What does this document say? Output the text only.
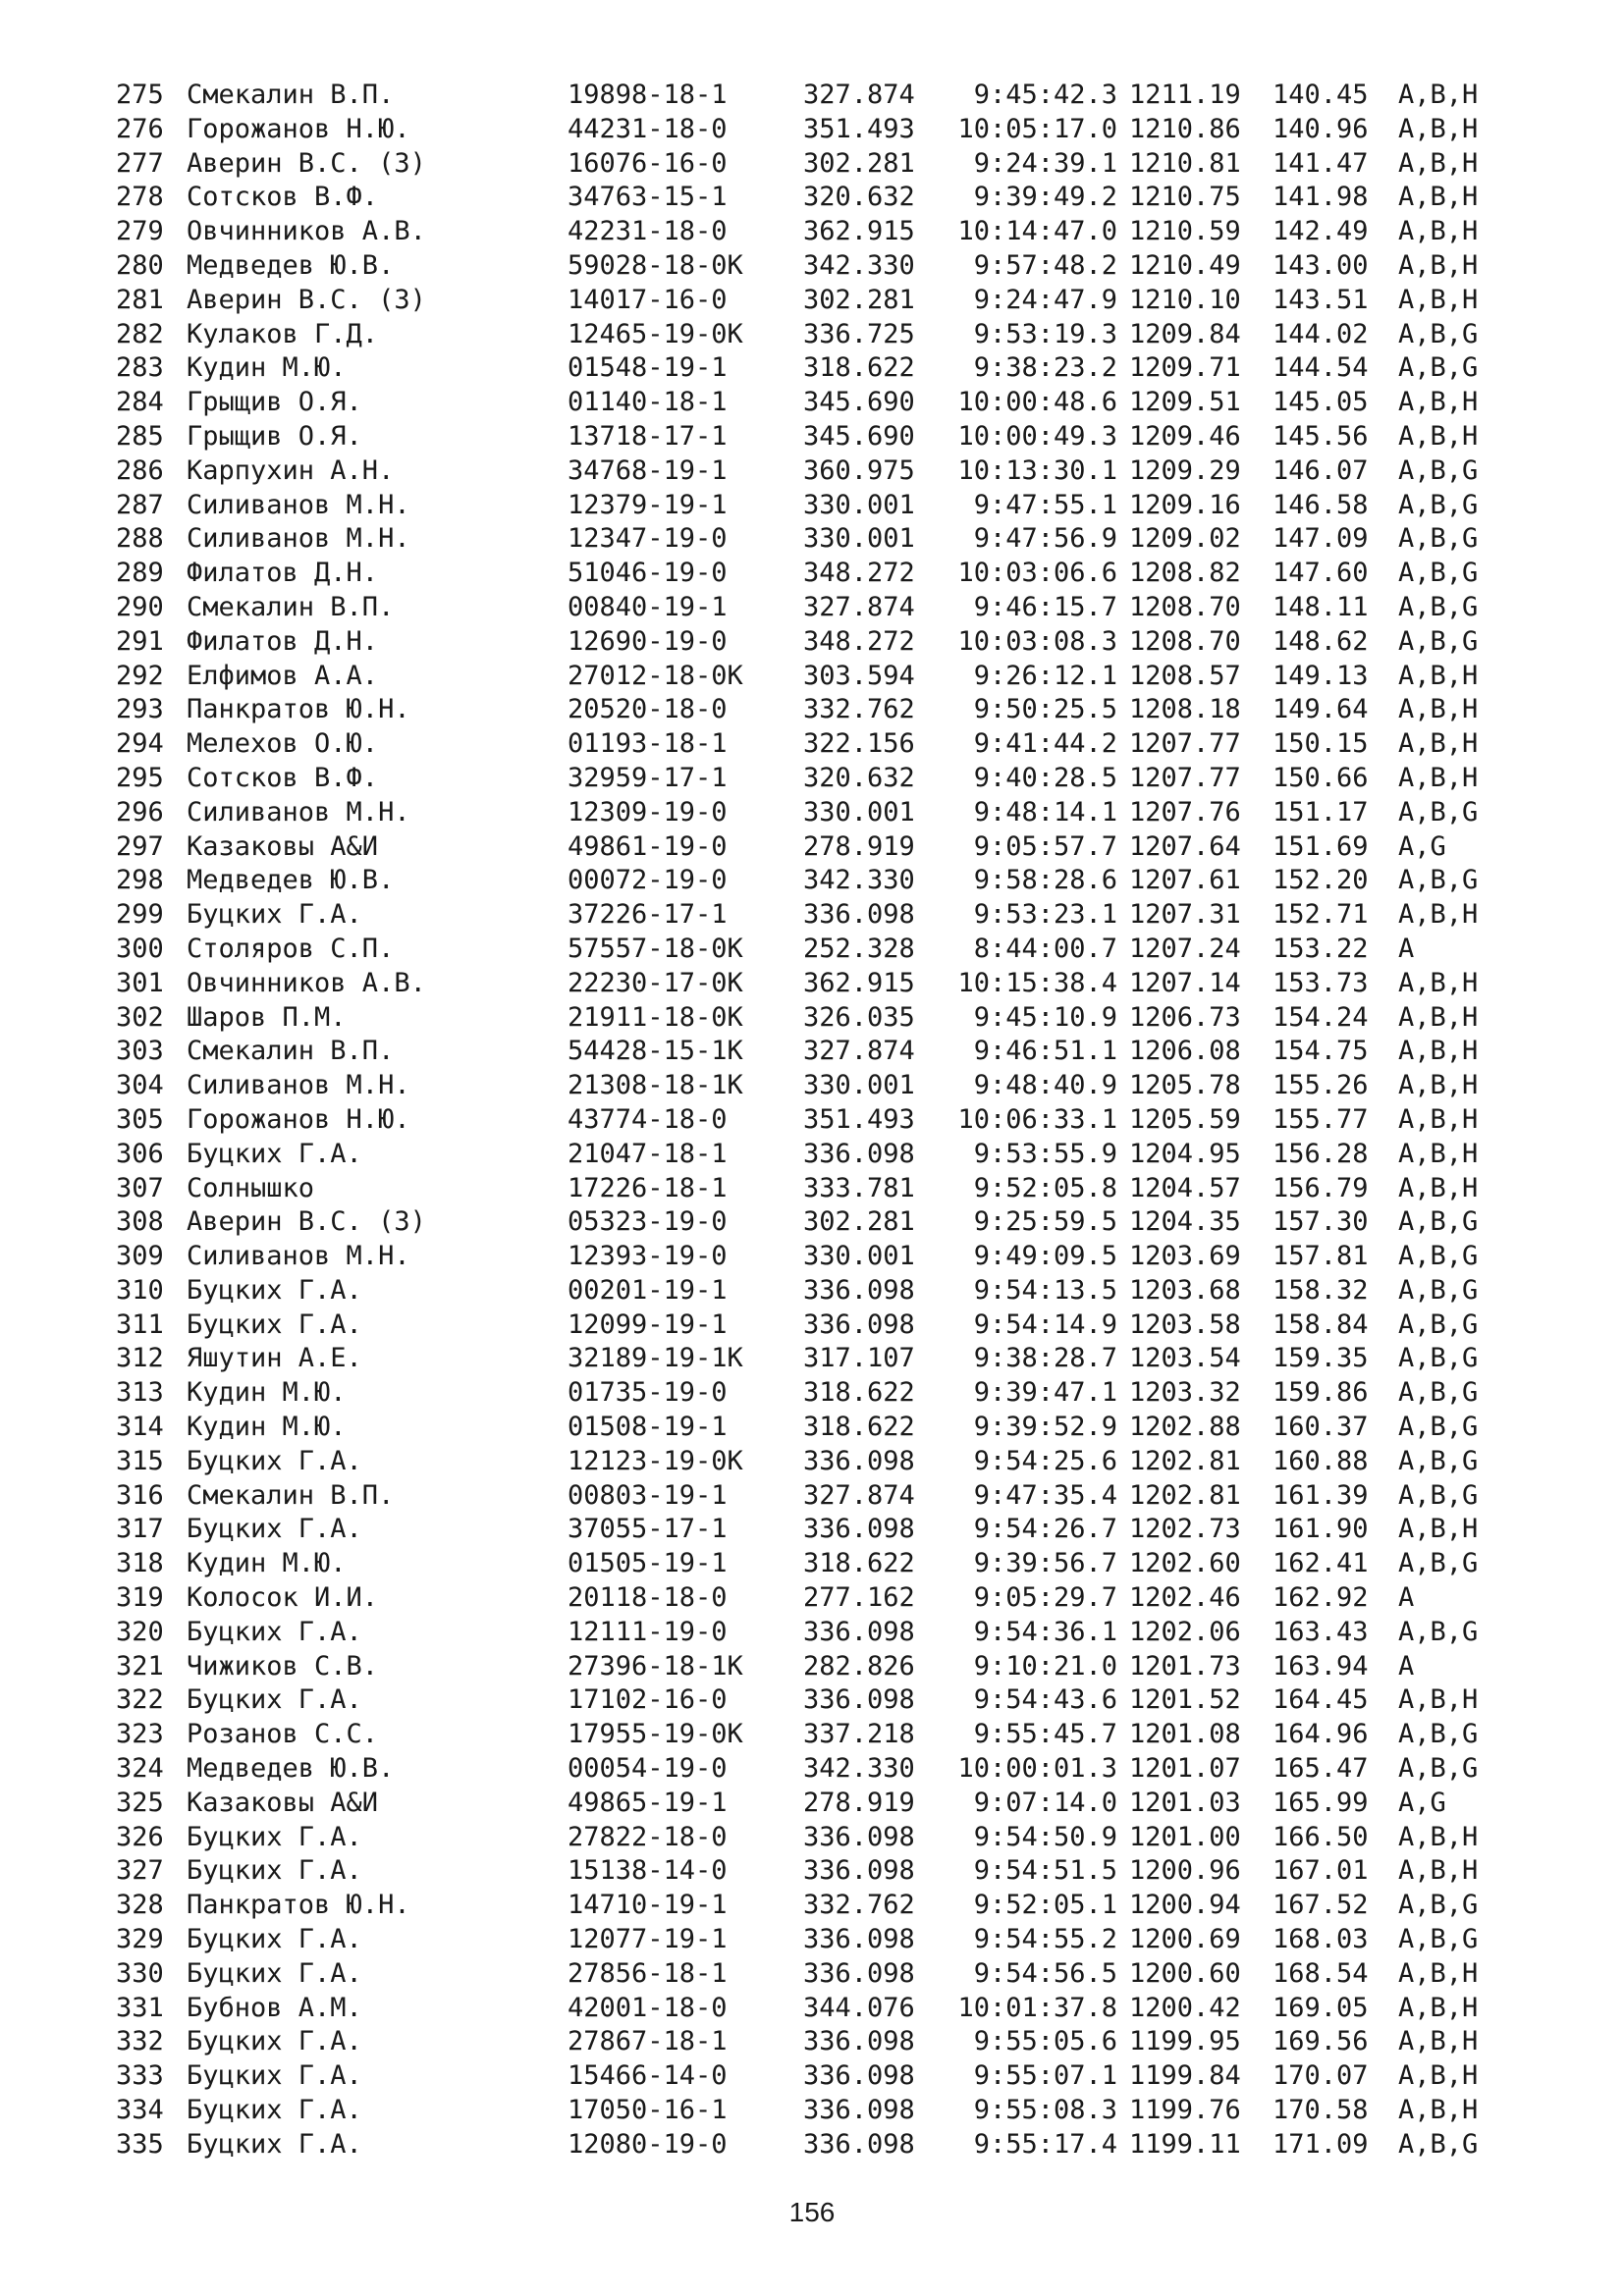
275 Смекалин В.П.	19898-18-1	327.874	9:45:42.3 1211.19	140.45	A,B,H
276 Горожанов Н.Ю.	44231-18-0	351.493	10:05:17.0 1210.86	140.96	A,B,H
277 Аверин В.С. (З)	16076-16-0	302.281	9:24:39.1 1210.81	141.47	A,B,H
278 Сотсков В.Ф.	34763-15-1	320.632	9:39:49.2 1210.75	141.98	A,B,H
279 Овчинников А.В.	42231-18-0	362.915	10:14:47.0 1210.59	142.49	A,B,H
280 Медведев Ю.В.	59028-18-0K	342.330	9:57:48.2 1210.49	143.00	A,B,H
281 Аверин В.С. (З)	14017-16-0	302.281	9:24:47.9 1210.10	143.51	A,B,H
282 Кулаков Г.Д.	12465-19-0K	336.725	9:53:19.3 1209.84	144.02	A,B,G
283 Кудин М.Ю.	01548-19-1	318.622	9:38:23.2 1209.71	144.54	A,B,G
284 Грыщив О.Я.	01140-18-1	345.690	10:00:48.6 1209.51	145.05	A,B,H
285 Грыщив О.Я.	13718-17-1	345.690	10:00:49.3 1209.46	145.56	A,B,H
286 Карпухин А.Н.	34768-19-1	360.975	10:13:30.1 1209.29	146.07	A,B,G
287 Силиванов М.Н.	12379-19-1	330.001	9:47:55.1 1209.16	146.58	A,B,G
288 Силиванов М.Н.	12347-19-0	330.001	9:47:56.9 1209.02	147.09	A,B,G
289 Филатов Д.Н.	51046-19-0	348.272	10:03:06.6 1208.82	147.60	A,B,G
290 Смекалин В.П.	00840-19-1	327.874	9:46:15.7 1208.70	148.11	A,B,G
291 Филатов Д.Н.	12690-19-0	348.272	10:03:08.3 1208.70	148.62	A,B,G
292 Елфимов А.А.	27012-18-0K	303.594	9:26:12.1 1208.57	149.13	A,B,H
293 Панкратов Ю.Н.	20520-18-0	332.762	9:50:25.5 1208.18	149.64	A,B,H
294 Мелехов О.Ю.	01193-18-1	322.156	9:41:44.2 1207.77	150.15	A,B,H
295 Сотсков В.Ф.	32959-17-1	320.632	9:40:28.5 1207.77	150.66	A,B,H
296 Силиванов М.Н.	12309-19-0	330.001	9:48:14.1 1207.76	151.17	A,B,G
297 Казаковы А&И	49861-19-0	278.919	9:05:57.7 1207.64	151.69	A,G
298 Медведев Ю.В.	00072-19-0	342.330	9:58:28.6 1207.61	152.20	A,B,G
299 Буцких Г.А.	37226-17-1	336.098	9:53:23.1 1207.31	152.71	A,B,H
300 Столяров С.П.	57557-18-0K	252.328	8:44:00.7 1207.24	153.22	A
301 Овчинников А.В.	22230-17-0K	362.915	10:15:38.4 1207.14	153.73	A,B,H
302 Шаров П.М.	21911-18-0K	326.035	9:45:10.9 1206.73	154.24	A,B,H
303 Смекалин В.П.	54428-15-1K	327.874	9:46:51.1 1206.08	154.75	A,B,H
304 Силиванов М.Н.	21308-18-1K	330.001	9:48:40.9 1205.78	155.26	A,B,H
305 Горожанов Н.Ю.	43774-18-0	351.493	10:06:33.1 1205.59	155.77	A,B,H
306 Буцких Г.А.	21047-18-1	336.098	9:53:55.9 1204.95	156.28	A,B,H
307 Солнышко	17226-18-1	333.781	9:52:05.8 1204.57	156.79	A,B,H
308 Аверин В.С. (З)	05323-19-0	302.281	9:25:59.5 1204.35	157.30	A,B,G
309 Силиванов М.Н.	12393-19-0	330.001	9:49:09.5 1203.69	157.81	A,B,G
310 Буцких Г.А.	00201-19-1	336.098	9:54:13.5 1203.68	158.32	A,B,G
311 Буцких Г.А.	12099-19-1	336.098	9:54:14.9 1203.58	158.84	A,B,G
312 Яшутин А.Е.	32189-19-1K	317.107	9:38:28.7 1203.54	159.35	A,B,G
313 Кудин М.Ю.	01735-19-0	318.622	9:39:47.1 1203.32	159.86	A,B,G
314 Кудин М.Ю.	01508-19-1	318.622	9:39:52.9 1202.88	160.37	A,B,G
315 Буцких Г.А.	12123-19-0K	336.098	9:54:25.6 1202.81	160.88	A,B,G
316 Смекалин В.П.	00803-19-1	327.874	9:47:35.4 1202.81	161.39	A,B,G
317 Буцких Г.А.	37055-17-1	336.098	9:54:26.7 1202.73	161.90	A,B,H
318 Кудин М.Ю.	01505-19-1	318.622	9:39:56.7 1202.60	162.41	A,B,G
319 Колосок И.И.	20118-18-0	277.162	9:05:29.7 1202.46	162.92	A
320 Буцких Г.А.	12111-19-0	336.098	9:54:36.1 1202.06	163.43	A,B,G
321 Чижиков С.В.	27396-18-1K	282.826	9:10:21.0 1201.73	163.94	A
322 Буцких Г.А.	17102-16-0	336.098	9:54:43.6 1201.52	164.45	A,B,H
323 Розанов С.С.	17955-19-0K	337.218	9:55:45.7 1201.08	164.96	A,B,G
324 Медведев Ю.В.	00054-19-0	342.330	10:00:01.3 1201.07	165.47	A,B,G
325 Казаковы А&И	49865-19-1	278.919	9:07:14.0 1201.03	165.99	A,G
326 Буцких Г.А.	27822-18-0	336.098	9:54:50.9 1201.00	166.50	A,B,H
327 Буцких Г.А.	15138-14-0	336.098	9:54:51.5 1200.96	167.01	A,B,H
328 Панкратов Ю.Н.	14710-19-1	332.762	9:52:05.1 1200.94	167.52	A,B,G
329 Буцких Г.А.	12077-19-1	336.098	9:54:55.2 1200.69	168.03	A,B,G
330 Буцких Г.А.	27856-18-1	336.098	9:54:56.5 1200.60	168.54	A,B,H
331 Бубнов А.М.	42001-18-0	344.076	10:01:37.8 1200.42	169.05	A,B,H
332 Буцких Г.А.	27867-18-1	336.098	9:55:05.6 1199.95	169.56	A,B,H
333 Буцких Г.А.	15466-14-0	336.098	9:55:07.1 1199.84	170.07	A,B,H
334 Буцких Г.А.	17050-16-1	336.098	9:55:08.3 1199.76	170.58	A,B,H
335 Буцких Г.А.	12080-19-0	336.098	9:55:17.4 1199.11	171.09	A,B,G
156
